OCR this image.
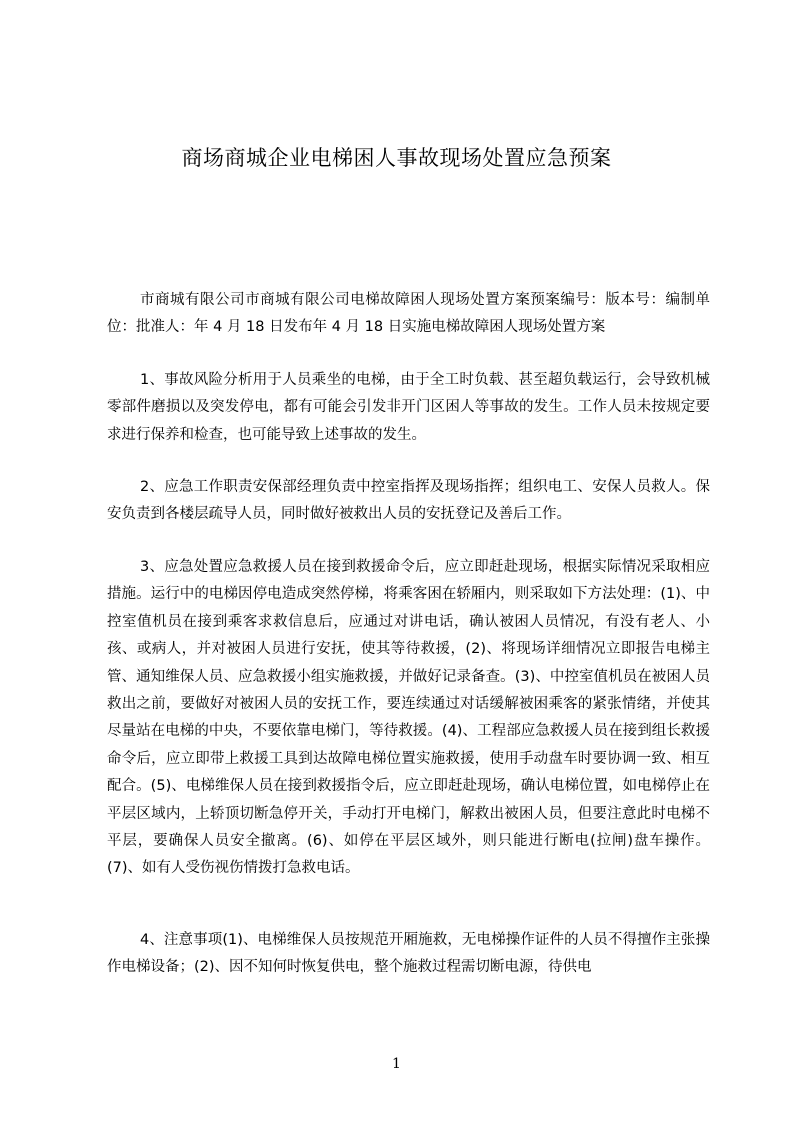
商场商城企业电梯困人事故现场处置应急预案

市商城有限公司市商城有限公司电梯故障困人现场处置方案预案编号：版本号：编制单位：批准人：年 4 月 18 日发布年 4 月 18 日实施电梯故障困人现场处置方案

1、事故风险分析用于人员乘坐的电梯，由于全工时负载、甚至超负载运行，会导致机械零部件磨损以及突发停电，都有可能会引发非开门区困人等事故的发生。工作人员未按规定要求进行保养和检查，也可能导致上述事故的发生。

2、应急工作职责安保部经理负责中控室指挥及现场指挥；组织电工、安保人员救人。保安负责到各楼层疏导人员，同时做好被救出人员的安抚登记及善后工作。

3、应急处置应急救援人员在接到救援命令后，应立即赶赴现场，根据实际情况采取相应措施。运行中的电梯因停电造成突然停梯，将乘客困在轿厢内，则采取如下方法处理：(1)、中控室值机员在接到乘客求救信息后，应通过对讲电话，确认被困人员情况，有没有老人、小孩、或病人，并对被困人员进行安抚，使其等待救援，(2)、将现场详细情况立即报告电梯主管、通知维保人员、应急救援小组实施救援，并做好记录备查。(3)、中控室值机员在被困人员救出之前，要做好对被困人员的安抚工作，要连续通过对话缓解被困乘客的紧张情绪，并使其尽量站在电梯的中央，不要依靠电梯门，等待救援。(4)、工程部应急救援人员在接到组长救援命令后，应立即带上救援工具到达故障电梯位置实施救援，使用手动盘车时要协调一致、相互配合。(5)、电梯维保人员在接到救援指令后，应立即赶赴现场，确认电梯位置，如电梯停止在平层区域内，上轿顶切断急停开关，手动打开电梯门，解救出被困人员，但要注意此时电梯不平层，要确保人员安全撤离。(6)、如停在平层区域外，则只能进行断电(拉闸)盘车操作。(7)、如有人受伤视伤情拨打急救电话。

4、注意事项(1)、电梯维保人员按规范开厢施救，无电梯操作证件的人员不得擅作主张操作电梯设备；(2)、因不知何时恢复供电，整个施救过程需切断电源，待供电

1
